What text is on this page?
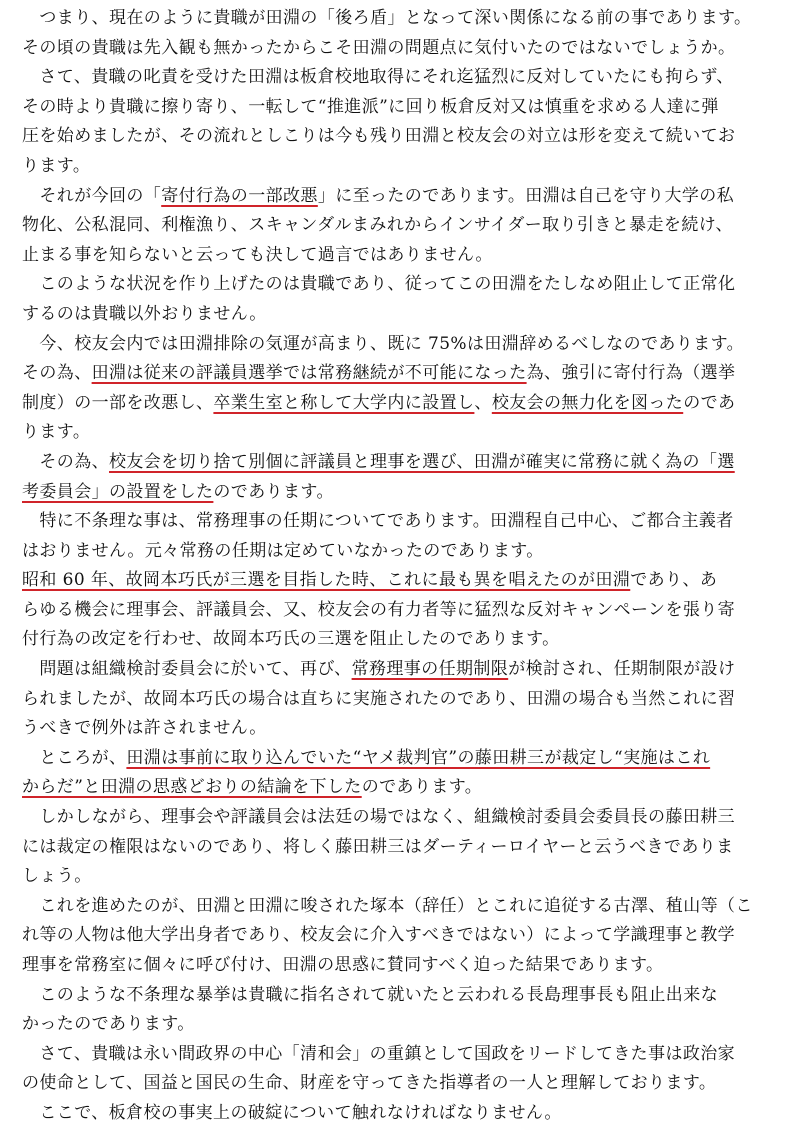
　つまり、現在のように貴職が田淵の「後ろ盾」となって深い関係になる前の事であります。
その頃の貴職は先入観も無かったからこそ田淵の問題点に気付いたのではないでしょうか。
　さて、貴職の叱責を受けた田淵は板倉校地取得にそれ迄猛烈に反対していたにも拘らず、
その時より貴職に擦り寄り、一転して“推進派”に回り板倉反対又は慎重を求める人達に弾
圧を始めましたが、その流れとしこりは今も残り田淵と校友会の対立は形を変えて続いてお
ります。
　それが今回の「寄付行為の一部改悪」に至ったのであります。田淵は自己を守り大学の私
物化、公私混同、利権漁り、スキャンダルまみれからインサイダー取り引きと暴走を続け、
止まる事を知らないと云っても決して過言ではありません。
　このような状況を作り上げたのは貴職であり、従ってこの田淵をたしなめ阻止して正常化
するのは貴職以外おりません。
　今、校友会内では田淵排除の気運が高まり、既に 75%は田淵辞めるべしなのであります。
その為、田淵は従来の評議員選挙では常務継続が不可能になった為、強引に寄付行為（選挙
制度）の一部を改悪し、卒業生室と称して大学内に設置し、校友会の無力化を図ったのであ
ります。
　その為、校友会を切り捨て別個に評議員と理事を選び、田淵が確実に常務に就く為の「選
考委員会」の設置をしたのであります。
　特に不条理な事は、常務理事の任期についてであります。田淵程自己中心、ご都合主義者
はおりません。元々常務の任期は定めていなかったのであります。
昭和 60 年、故岡本巧氏が三選を目指した時、これに最も異を唱えたのが田淵であり、あ
らゆる機会に理事会、評議員会、又、校友会の有力者等に猛烈な反対キャンペーンを張り寄
付行為の改定を行わせ、故岡本巧氏の三選を阻止したのであります。
　問題は組織検討委員会に於いて、再び、常務理事の任期制限が検討され、任期制限が設け
られましたが、故岡本巧氏の場合は直ちに実施されたのであり、田淵の場合も当然これに習
うべきで例外は許されません。
　ところが、田淵は事前に取り込んでいた“ヤメ裁判官”の藤田耕三が裁定し“実施はこれ
からだ”と田淵の思惑どおりの結論を下したのであります。
　しかしながら、理事会や評議員会は法廷の場ではなく、組織検討委員会委員長の藤田耕三
には裁定の権限はないのであり、将しく藤田耕三はダーティーロイヤーと云うべきでありま
しょう。
　これを進めたのが、田淵と田淵に唆された塚本（辞任）とこれに追従する古澤、稙山等（こ
れ等の人物は他大学出身者であり、校友会に介入すべきではない）によって学識理事と教学
理事を常務室に個々に呼び付け、田淵の思惑に賛同すべく迫った結果であります。
　このような不条理な暴挙は貴職に指名されて就いたと云われる長島理事長も阻止出来な
かったのであります。
　さて、貴職は永い間政界の中心「清和会」の重鎮として国政をリードしてきた事は政治家
の使命として、国益と国民の生命、財産を守ってきた指導者の一人と理解しております。
　ここで、板倉校の事実上の破綻について触れなければなりません。
